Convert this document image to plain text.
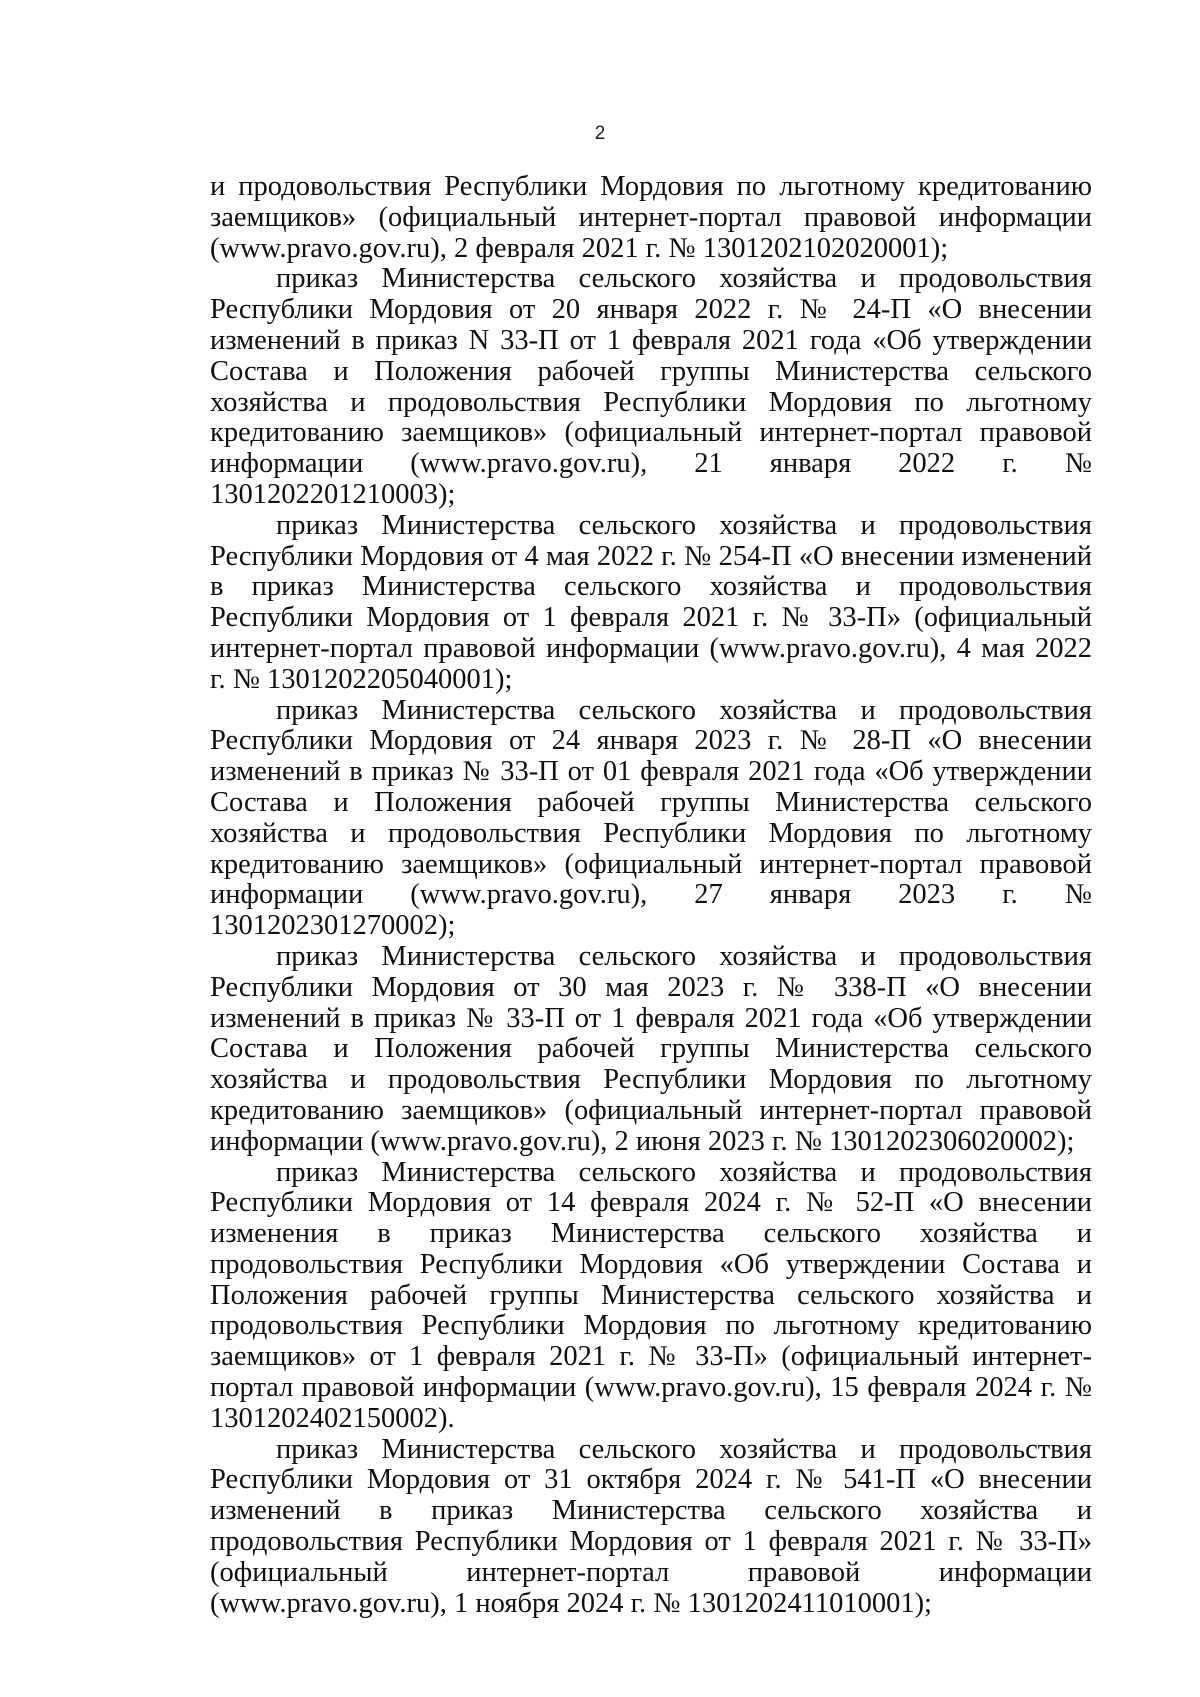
2

и продовольствия Республики Мордовия по льготному кредитованию заемщиков» (официальный интернет-портал правовой информации (www.pravo.gov.ru), 2 февраля 2021 г. № 1301202102020001);

приказ Министерства сельского хозяйства и продовольствия Республики Мордовия от 20 января 2022 г. № 24-П «О внесении изменений в приказ N 33-П от 1 февраля 2021 года «Об утверждении Состава и Положения рабочей группы Министерства сельского хозяйства и продовольствия Республики Мордовия по льготному кредитованию заемщиков» (официальный интернет-портал правовой информации (www.pravo.gov.ru), 21 января 2022 г. № 1301202201210003);

приказ Министерства сельского хозяйства и продовольствия Республики Мордовия от 4 мая 2022 г. № 254-П «О внесении изменений в приказ Министерства сельского хозяйства и продовольствия Республики Мордовия от 1 февраля 2021 г. № 33-П» (официальный интернет-портал правовой информации (www.pravo.gov.ru), 4 мая 2022 г. № 1301202205040001);

приказ Министерства сельского хозяйства и продовольствия Республики Мордовия от 24 января 2023 г. № 28-П «О внесении изменений в приказ № 33-П от 01 февраля 2021 года «Об утверждении Состава и Положения рабочей группы Министерства сельского хозяйства и продовольствия Республики Мордовия по льготному кредитованию заемщиков» (официальный интернет-портал правовой информации (www.pravo.gov.ru), 27 января 2023 г. № 1301202301270002);

приказ Министерства сельского хозяйства и продовольствия Республики Мордовия от 30 мая 2023 г. № 338-П «О внесении изменений в приказ № 33-П от 1 февраля 2021 года «Об утверждении Состава и Положения рабочей группы Министерства сельского хозяйства и продовольствия Республики Мордовия по льготному кредитованию заемщиков» (официальный интернет-портал правовой информации (www.pravo.gov.ru), 2 июня 2023 г. № 1301202306020002);

приказ Министерства сельского хозяйства и продовольствия Республики Мордовия от 14 февраля 2024 г. № 52-П «О внесении изменения в приказ Министерства сельского хозяйства и продовольствия Республики Мордовия «Об утверждении Состава и Положения рабочей группы Министерства сельского хозяйства и продовольствия Республики Мордовия по льготному кредитованию заемщиков» от 1 февраля 2021 г. № 33-П» (официальный интернет-портал правовой информации (www.pravo.gov.ru), 15 февраля 2024 г. № 1301202402150002).

приказ Министерства сельского хозяйства и продовольствия Республики Мордовия от 31 октября 2024 г. № 541-П «О внесении изменений в приказ Министерства сельского хозяйства и продовольствия Республики Мордовия от 1 февраля 2021 г. № 33-П» (официальный интернет-портал правовой информации (www.pravo.gov.ru), 1 ноября 2024 г. № 1301202411010001);
